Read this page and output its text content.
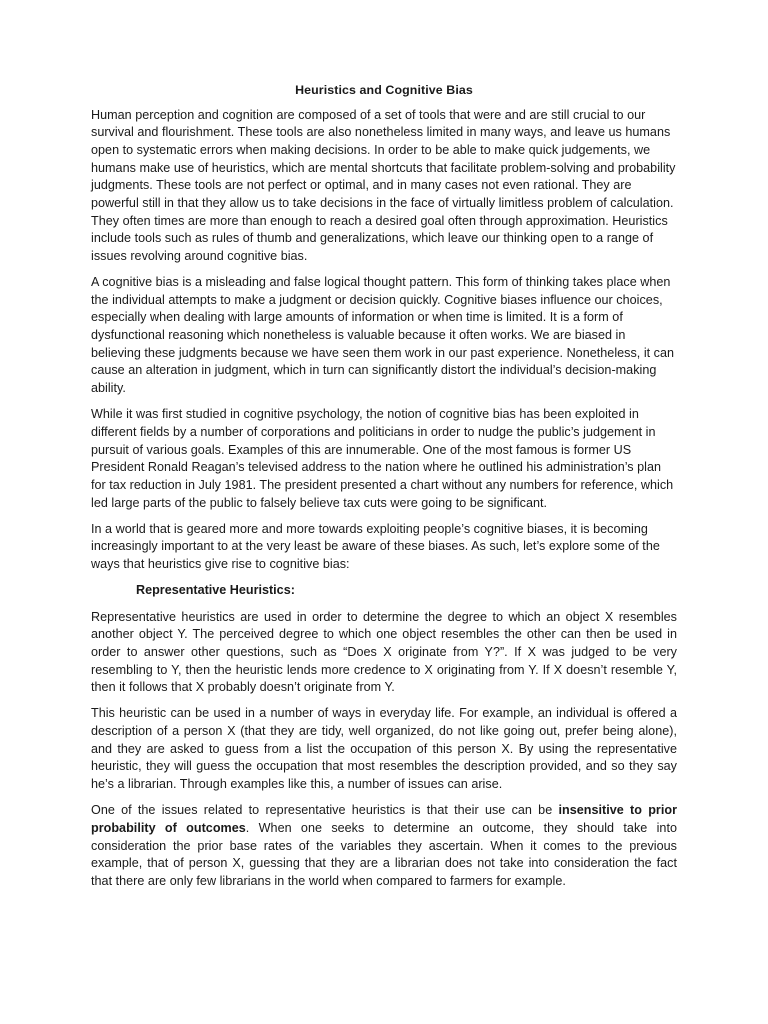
Heuristics and Cognitive Bias

Human perception and cognition are composed of a set of tools that were and are still crucial to our survival and flourishment. These tools are also nonetheless limited in many ways, and leave us humans open to systematic errors when making decisions. In order to be able to make quick judgements, we humans make use of heuristics, which are mental shortcuts that facilitate problem-solving and probability judgments. These tools are not perfect or optimal, and in many cases not even rational. They are powerful still in that they allow us to take decisions in the face of virtually limitless problem of calculation. They often times are more than enough to reach a desired goal often through approximation. Heuristics include tools such as rules of thumb and generalizations, which leave our thinking open to a range of issues revolving around cognitive bias.

A cognitive bias is a misleading and false logical thought pattern. This form of thinking takes place when the individual attempts to make a judgment or decision quickly. Cognitive biases influence our choices, especially when dealing with large amounts of information or when time is limited. It is a form of dysfunctional reasoning which nonetheless is valuable because it often works. We are biased in believing these judgments because we have seen them work in our past experience. Nonetheless, it can cause an alteration in judgment, which in turn can significantly distort the individual’s decision-making ability.

While it was first studied in cognitive psychology, the notion of cognitive bias has been exploited in different fields by a number of corporations and politicians in order to nudge the public’s judgement in pursuit of various goals. Examples of this are innumerable. One of the most famous is former US President Ronald Reagan’s televised address to the nation where he outlined his administration’s plan for tax reduction in July 1981. The president presented a chart without any numbers for reference, which led large parts of the public to falsely believe tax cuts were going to be significant.

In a world that is geared more and more towards exploiting people’s cognitive biases, it is becoming increasingly important to at the very least be aware of these biases. As such, let’s explore some of the ways that heuristics give rise to cognitive bias:

Representative Heuristics:

Representative heuristics are used in order to determine the degree to which an object X resembles another object Y. The perceived degree to which one object resembles the other can then be used in order to answer other questions, such as “Does X originate from Y?”. If X was judged to be very resembling to Y, then the heuristic lends more credence to X originating from Y. If X doesn’t resemble Y, then it follows that X probably doesn’t originate from Y.

This heuristic can be used in a number of ways in everyday life. For example, an individual is offered a description of a person X (that they are tidy, well organized, do not like going out, prefer being alone), and they are asked to guess from a list the occupation of this person X. By using the representative heuristic, they will guess the occupation that most resembles the description provided, and so they say he’s a librarian. Through examples like this, a number of issues can arise.

One of the issues related to representative heuristics is that their use can be insensitive to prior probability of outcomes. When one seeks to determine an outcome, they should take into consideration the prior base rates of the variables they ascertain. When it comes to the previous example, that of person X, guessing that they are a librarian does not take into consideration the fact that there are only few librarians in the world when compared to farmers for example.
